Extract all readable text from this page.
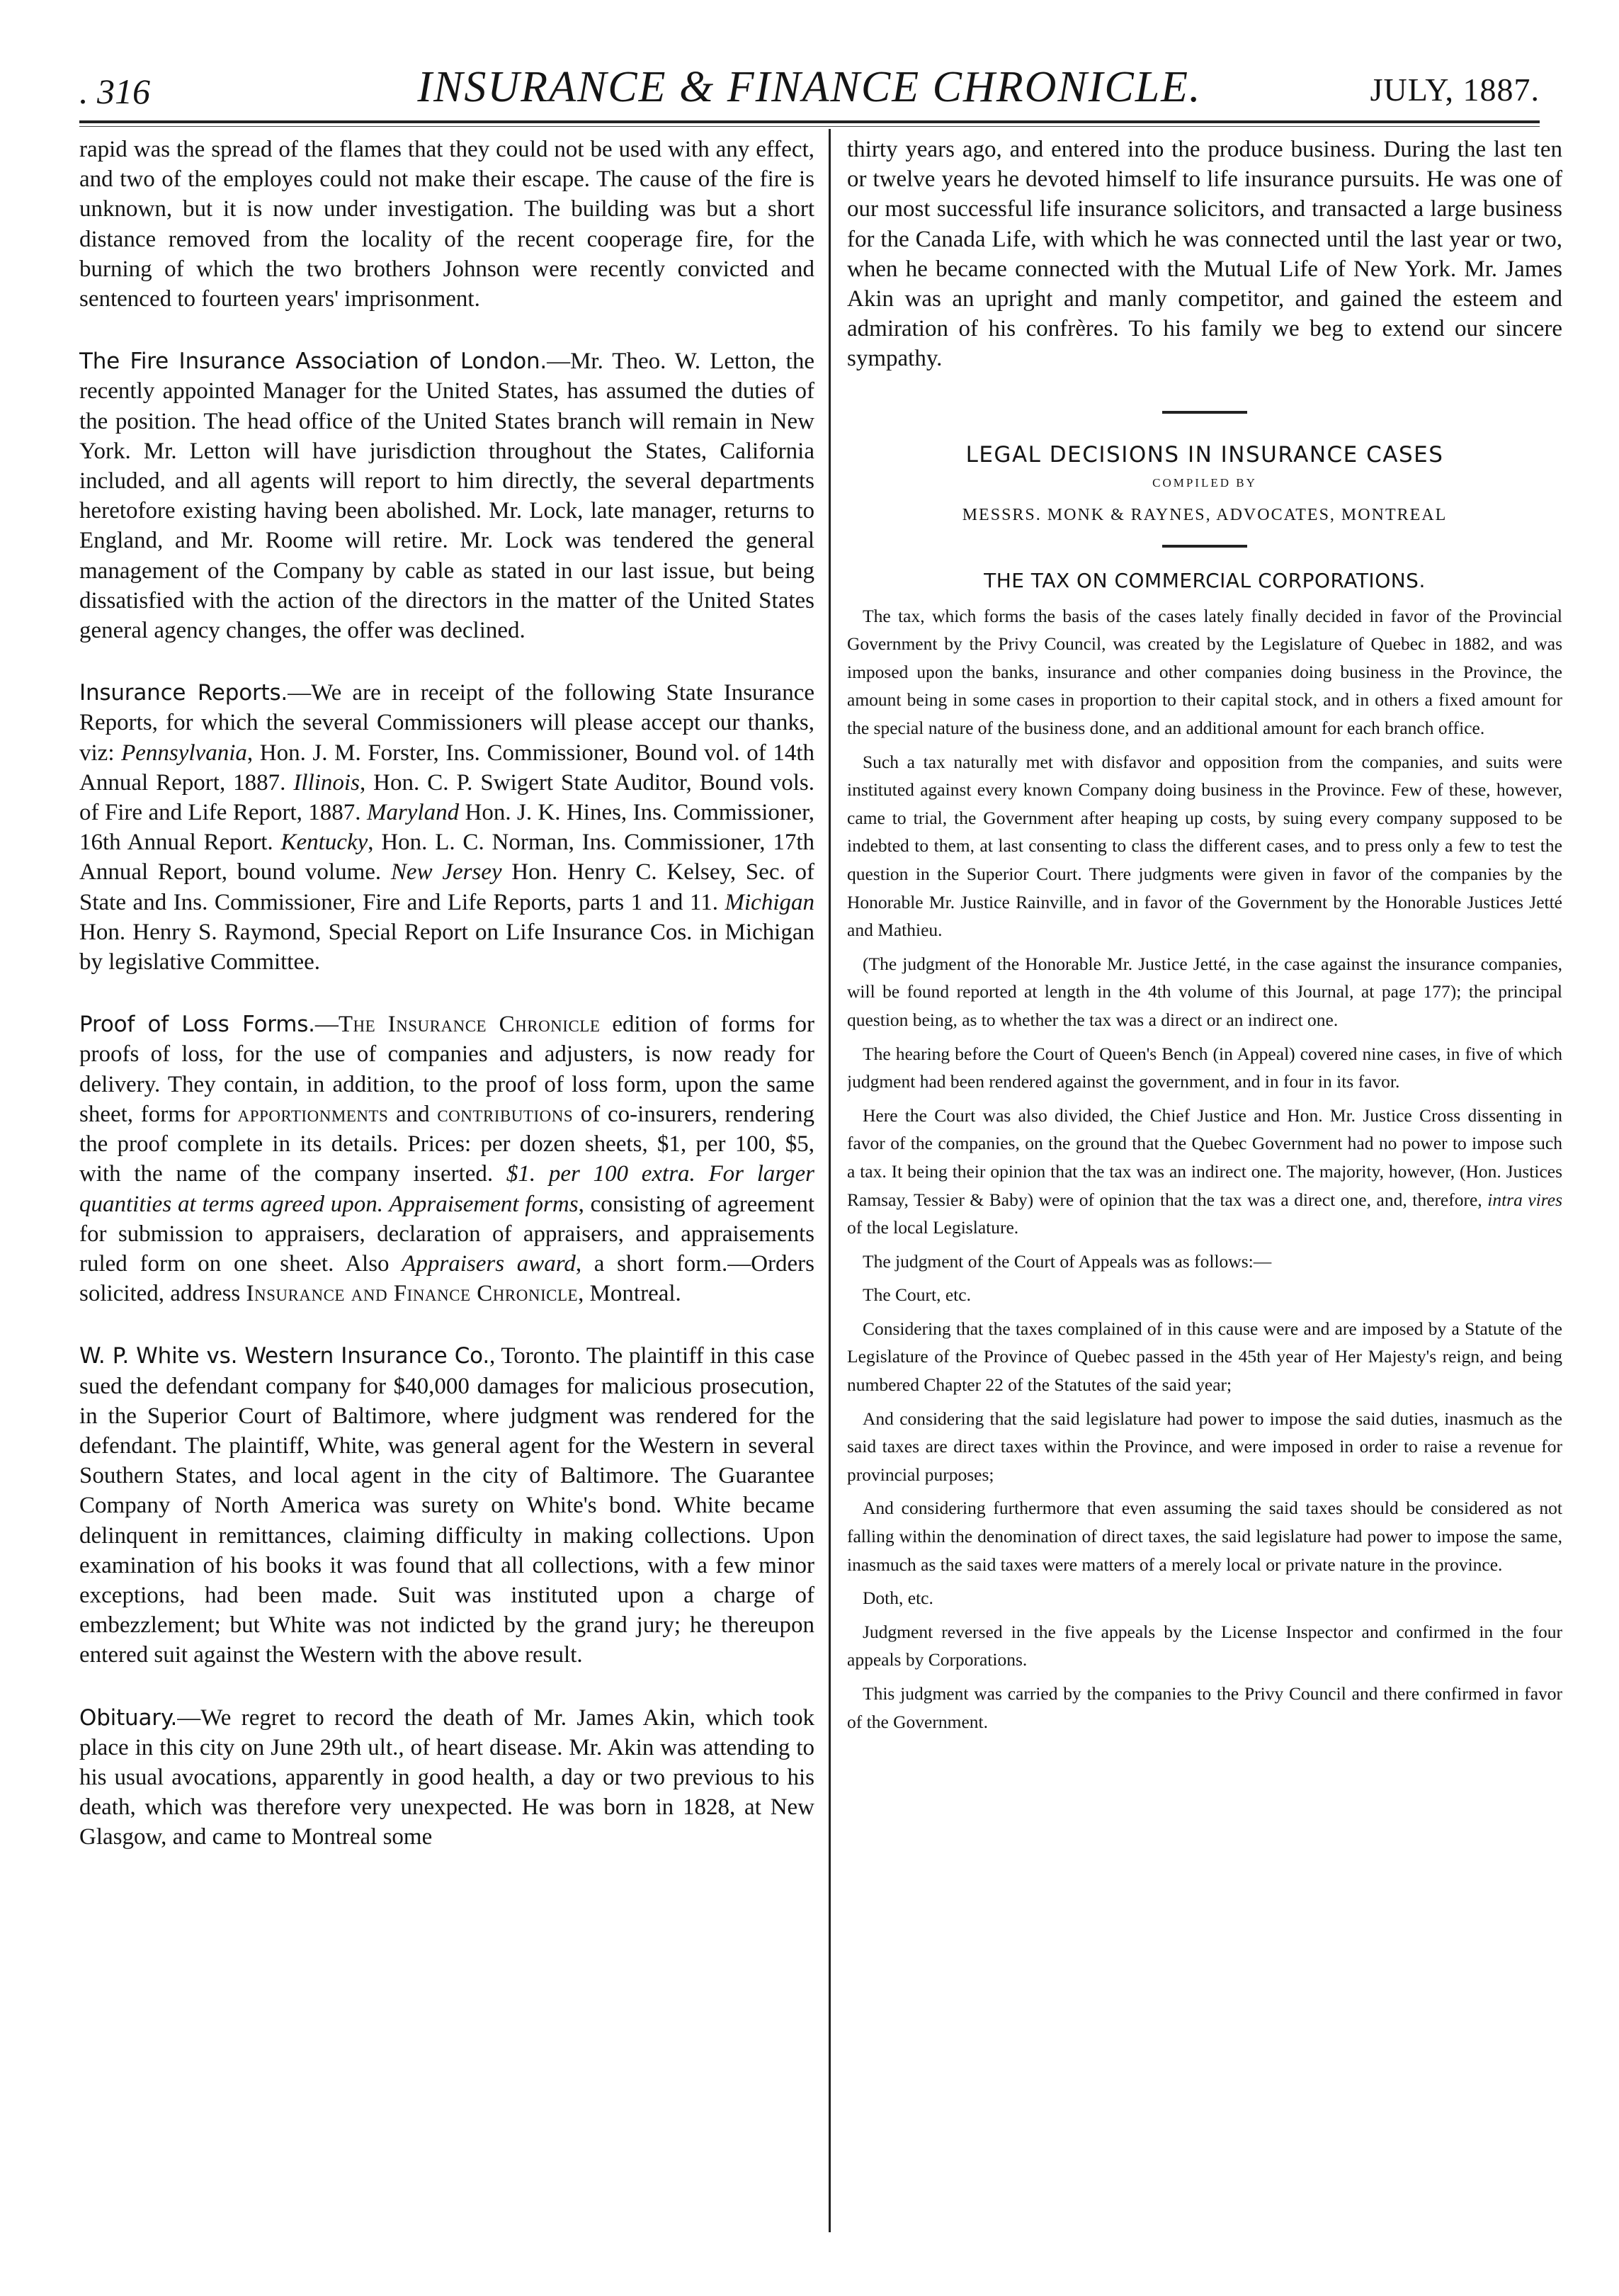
. 316	INSURANCE & FINANCE CHRONICLE.	JULY, 1887.

rapid was the spread of the flames that they could not be used with any effect, and two of the employes could not make their escape. The cause of the fire is unknown, but it is now under investigation. The building was but a short distance removed from the locality of the recent cooperage fire, for the burning of which the two brothers Johnson were recently convicted and sentenced to fourteen years' imprisonment.

The Fire Insurance Association of London.—Mr. Theo. W. Letton, the recently appointed Manager for the United States, has assumed the duties of the position. The head office of the United States branch will remain in New York. Mr. Letton will have jurisdiction throughout the States, California included, and all agents will report to him directly, the several departments heretofore existing having been abolished. Mr. Lock, late manager, returns to England, and Mr. Roome will retire. Mr. Lock was tendered the general management of the Company by cable as stated in our last issue, but being dissatisfied with the action of the directors in the matter of the United States general agency changes, the offer was declined.

Insurance Reports.—We are in receipt of the following State Insurance Reports, for which the several Commissioners will please accept our thanks, viz: Pennsylvania, Hon. J. M. Forster, Ins. Commissioner, Bound vol. of 14th Annual Report, 1887. Illinois, Hon. C. P. Swigert State Auditor, Bound vols. of Fire and Life Report, 1887. Maryland Hon. J. K. Hines, Ins. Commissioner, 16th Annual Report. Kentucky, Hon. L. C. Norman, Ins. Commissioner, 17th Annual Report, bound volume. New Jersey Hon. Henry C. Kelsey, Sec. of State and Ins. Commissioner, Fire and Life Reports, parts 1 and 11. Michigan Hon. Henry S. Raymond, Special Report on Life Insurance Cos. in Michigan by legislative Committee.

Proof of Loss Forms.—The Insurance Chronicle edition of forms for proofs of loss, for the use of companies and adjusters, is now ready for delivery. They contain, in addition, to the proof of loss form, upon the same sheet, forms for apportionments and contributions of co-insurers, rendering the proof complete in its details. Prices: per dozen sheets, $1, per 100, $5, with the name of the company inserted. $1. per 100 extra. For larger quantities at terms agreed upon. Appraisement forms, consisting of agreement for submission to appraisers, declaration of appraisers, and appraisements ruled form on one sheet. Also Appraisers award, a short form.—Orders solicited, address Insurance and Finance Chronicle, Montreal.

W. P. White vs. Western Insurance Co., Toronto. The plaintiff in this case sued the defendant company for $40,000 damages for malicious prosecution, in the Superior Court of Baltimore, where judgment was rendered for the defendant. The plaintiff, White, was general agent for the Western in several Southern States, and local agent in the city of Baltimore. The Guarantee Company of North America was surety on White's bond. White became delinquent in remittances, claiming difficulty in making collections. Upon examination of his books it was found that all collections, with a few minor exceptions, had been made. Suit was instituted upon a charge of embezzlement; but White was not indicted by the grand jury; he thereupon entered suit against the Western with the above result.

Obituary.—We regret to record the death of Mr. James Akin, which took place in this city on June 29th ult., of heart disease. Mr. Akin was attending to his usual avocations, apparently in good health, a day or two previous to his death, which was therefore very unexpected. He was born in 1828, at New Glasgow, and came to Montreal some

thirty years ago, and entered into the produce business. During the last ten or twelve years he devoted himself to life insurance pursuits. He was one of our most successful life insurance solicitors, and transacted a large business for the Canada Life, with which he was connected until the last year or two, when he became connected with the Mutual Life of New York. Mr. James Akin was an upright and manly competitor, and gained the esteem and admiration of his confrères. To his family we beg to extend our sincere sympathy.

LEGAL DECISIONS IN INSURANCE CASES

COMPILED BY

MESSRS. MONK & RAYNES, ADVOCATES, MONTREAL

THE TAX ON COMMERCIAL CORPORATIONS.

The tax, which forms the basis of the cases lately finally decided in favor of the Provincial Government by the Privy Council, was created by the Legislature of Quebec in 1882, and was imposed upon the banks, insurance and other companies doing business in the Province, the amount being in some cases in proportion to their capital stock, and in others a fixed amount for the special nature of the business done, and an additional amount for each branch office.

Such a tax naturally met with disfavor and opposition from the companies, and suits were instituted against every known Company doing business in the Province. Few of these, however, came to trial, the Government after heaping up costs, by suing every company supposed to be indebted to them, at last consenting to class the different cases, and to press only a few to test the question in the Superior Court. There judgments were given in favor of the companies by the Honorable Mr. Justice Rainville, and in favor of the Government by the Honorable Justices Jetté and Mathieu.

(The judgment of the Honorable Mr. Justice Jetté, in the case against the insurance companies, will be found reported at length in the 4th volume of this Journal, at page 177); the principal question being, as to whether the tax was a direct or an indirect one.

The hearing before the Court of Queen's Bench (in Appeal) covered nine cases, in five of which judgment had been rendered against the government, and in four in its favor.

Here the Court was also divided, the Chief Justice and Hon. Mr. Justice Cross dissenting in favor of the companies, on the ground that the Quebec Government had no power to impose such a tax. It being their opinion that the tax was an indirect one. The majority, however, (Hon. Justices Ramsay, Tessier & Baby) were of opinion that the tax was a direct one, and, therefore, intra vires of the local Legislature.

The judgment of the Court of Appeals was as follows:—

The Court, etc.

Considering that the taxes complained of in this cause were and are imposed by a Statute of the Legislature of the Province of Quebec passed in the 45th year of Her Majesty's reign, and being numbered Chapter 22 of the Statutes of the said year;

And considering that the said legislature had power to impose the said duties, inasmuch as the said taxes are direct taxes within the Province, and were imposed in order to raise a revenue for provincial purposes;

And considering furthermore that even assuming the said taxes should be considered as not falling within the denomination of direct taxes, the said legislature had power to impose the same, inasmuch as the said taxes were matters of a merely local or private nature in the province.

Doth, etc.

Judgment reversed in the five appeals by the License Inspector and confirmed in the four appeals by Corporations.

This judgment was carried by the companies to the Privy Council and there confirmed in favor of the Government.
